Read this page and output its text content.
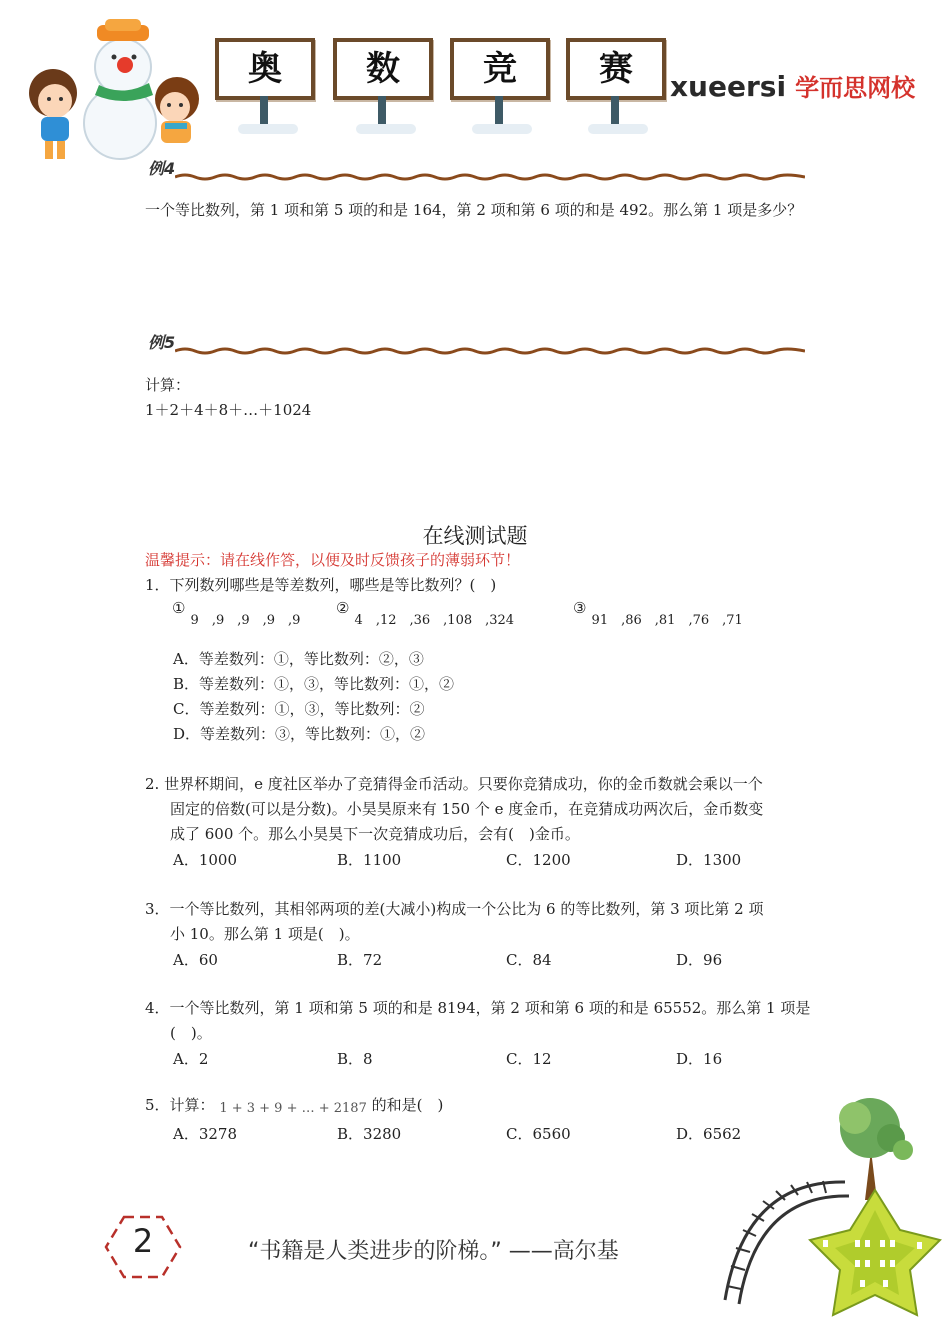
奥	数	竞	赛	xueersi 学而思网校
例4
一个等比数列，第 1 项和第 5 项的和是 164，第 2 项和第 6 项的和是 492。那么第 1 项是多少？
例5
计算：
1＋2＋4＋8＋…＋1024
在线测试题
温馨提示：请在线作答，以便及时反馈孩子的薄弱环节！
1．下列数列哪些是等差数列，哪些是等比数列？(　)
① $_{9 ,9 ,9 ,9 ,9}$
② $_{4 ,12 ,36 ,108 ,324}$
③ $_{91 ,86 ,81 ,76 ,71}$
A．等差数列：①，等比数列：②，③
B．等差数列：①，③，等比数列：①，②
C．等差数列：①，③，等比数列：②
D．等差数列：③，等比数列：①，②
2. 世界杯期间，e 度社区举办了竞猜得金币活动。只要你竞猜成功，你的金币数就会乘以一个
固定的倍数(可以是分数)。小昊昊原来有 150 个 e 度金币，在竞猜成功两次后，金币数变
成了 600 个。那么小昊昊下一次竞猜成功后，会有(　)金币。
A．1000	B．1100	C．1200	D．1300
3．一个等比数列，其相邻两项的差(大减小)构成一个公比为 6 的等比数列，第 3 项比第 2 项
小 10。那么第 1 项是(　)。
A．60	B．72	C．84	D．96
4．一个等比数列，第 1 项和第 5 项的和是 8194，第 2 项和第 6 项的和是 65552。那么第 1 项是
(　)。
A．2	B．8	C．12	D．16
5．计算： 1 + 3 + 9 + … + 2187 的和是(　)
A．3278	B．3280	C．6560	D．6562
2	“书籍是人类进步的阶梯。” ——高尔基
